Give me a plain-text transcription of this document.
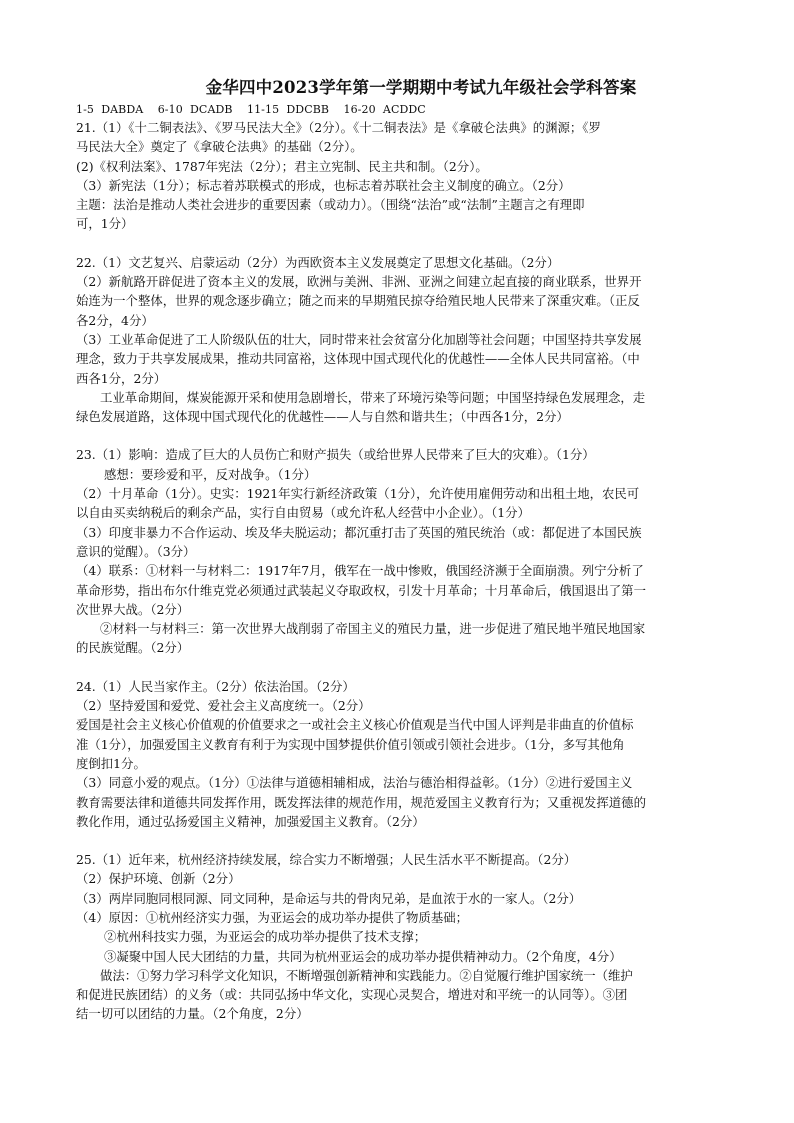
金华四中2023学年第一学期期中考试九年级社会学科答案
1-5  DABDA    6-10  DCADB    11-15  DDCBB    16-20  ACDDC

21.（1）《十二铜表法》、《罗马民法大全》（2分）。《十二铜表法》是《拿破仑法典》的渊源；《罗

马民法大全》奠定了《拿破仑法典》的基础（2分）。

(2)《权利法案》、1787年宪法（2分）；君主立宪制、民主共和制。（2分）。

（3）新宪法（1分）；标志着苏联模式的形成，也标志着苏联社会主义制度的确立。（2分）

主题：法治是推动人类社会进步的重要因素（或动力）。（围绕“法治”或“法制”主题言之有理即

可，1分）

22.（1）文艺复兴、启蒙运动（2分）为西欧资本主义发展奠定了思想文化基础。（2分）

（2）新航路开辟促进了资本主义的发展，欧洲与美洲、非洲、亚洲之间建立起直接的商业联系，世界开

始连为一个整体，世界的观念逐步确立；随之而来的早期殖民掠夺给殖民地人民带来了深重灾难。（正反

各2分，4分）

（3）工业革命促进了工人阶级队伍的壮大，同时带来社会贫富分化加剧等社会问题；中国坚持共享发展

理念，致力于共享发展成果，推动共同富裕，这体现中国式现代化的优越性——全体人民共同富裕。（中

西各1分，2分）

工业革命期间，煤炭能源开采和使用急剧增长，带来了环境污染等问题；中国坚持绿色发展理念，走

绿色发展道路，这体现中国式现代化的优越性——人与自然和谐共生；（中西各1分，2分）

23.（1）影响：造成了巨大的人员伤亡和财产损失（或给世界人民带来了巨大的灾难）。（1分）

感想：要珍爱和平，反对战争。（1分）

（2）十月革命（1分）。史实：1921年实行新经济政策（1分），允许使用雇佣劳动和出租土地，农民可

以自由买卖纳税后的剩余产品，实行自由贸易（或允许私人经营中小企业）。（1分）

（3）印度非暴力不合作运动、埃及华夫脱运动；都沉重打击了英国的殖民统治（或：都促进了本国民族

意识的觉醒）。（3分）

（4）联系：①材料一与材料二：1917年7月，俄军在一战中惨败，俄国经济濒于全面崩溃。列宁分析了

革命形势，指出布尔什维克党必须通过武装起义夺取政权，引发十月革命；十月革命后，俄国退出了第一

次世界大战。（2分）

②材料一与材料三：第一次世界大战削弱了帝国主义的殖民力量，进一步促进了殖民地半殖民地国家

的民族觉醒。（2分）

24.（1）人民当家作主。（2分）依法治国。（2分）

（2）坚持爱国和爱党、爱社会主义高度统一。（2分）

爱国是社会主义核心价值观的价值要求之一或社会主义核心价值观是当代中国人评判是非曲直的价值标

准（1分），加强爱国主义教育有利于为实现中国梦提供价值引领或引领社会进步。（1分，多写其他角

度倒扣1分。

（3）同意小爱的观点。（1分）①法律与道德相辅相成，法治与德治相得益彰。（1分）②进行爱国主义

教育需要法律和道德共同发挥作用，既发挥法律的规范作用，规范爱国主义教育行为；又重视发挥道德的

教化作用，通过弘扬爱国主义精神，加强爱国主义教育。（2分）

25.（1）近年来，杭州经济持续发展，综合实力不断增强；人民生活水平不断提高。（2分）

（2）保护环境、创新（2分）

（3）两岸同胞同根同源、同文同种，是命运与共的骨肉兄弟，是血浓于水的一家人。（2分）

（4）原因：①杭州经济实力强，为亚运会的成功举办提供了物质基础；

②杭州科技实力强，为亚运会的成功举办提供了技术支撑；

③凝聚中国人民大团结的力量，共同为杭州亚运会的成功举办提供精神动力。（2个角度，4分）

做法：①努力学习科学文化知识，不断增强创新精神和实践能力。②自觉履行维护国家统一（维护

和促进民族团结）的义务（或：共同弘扬中华文化，实现心灵契合，增进对和平统一的认同等）。③团

结一切可以团结的力量。（2个角度，2分）
